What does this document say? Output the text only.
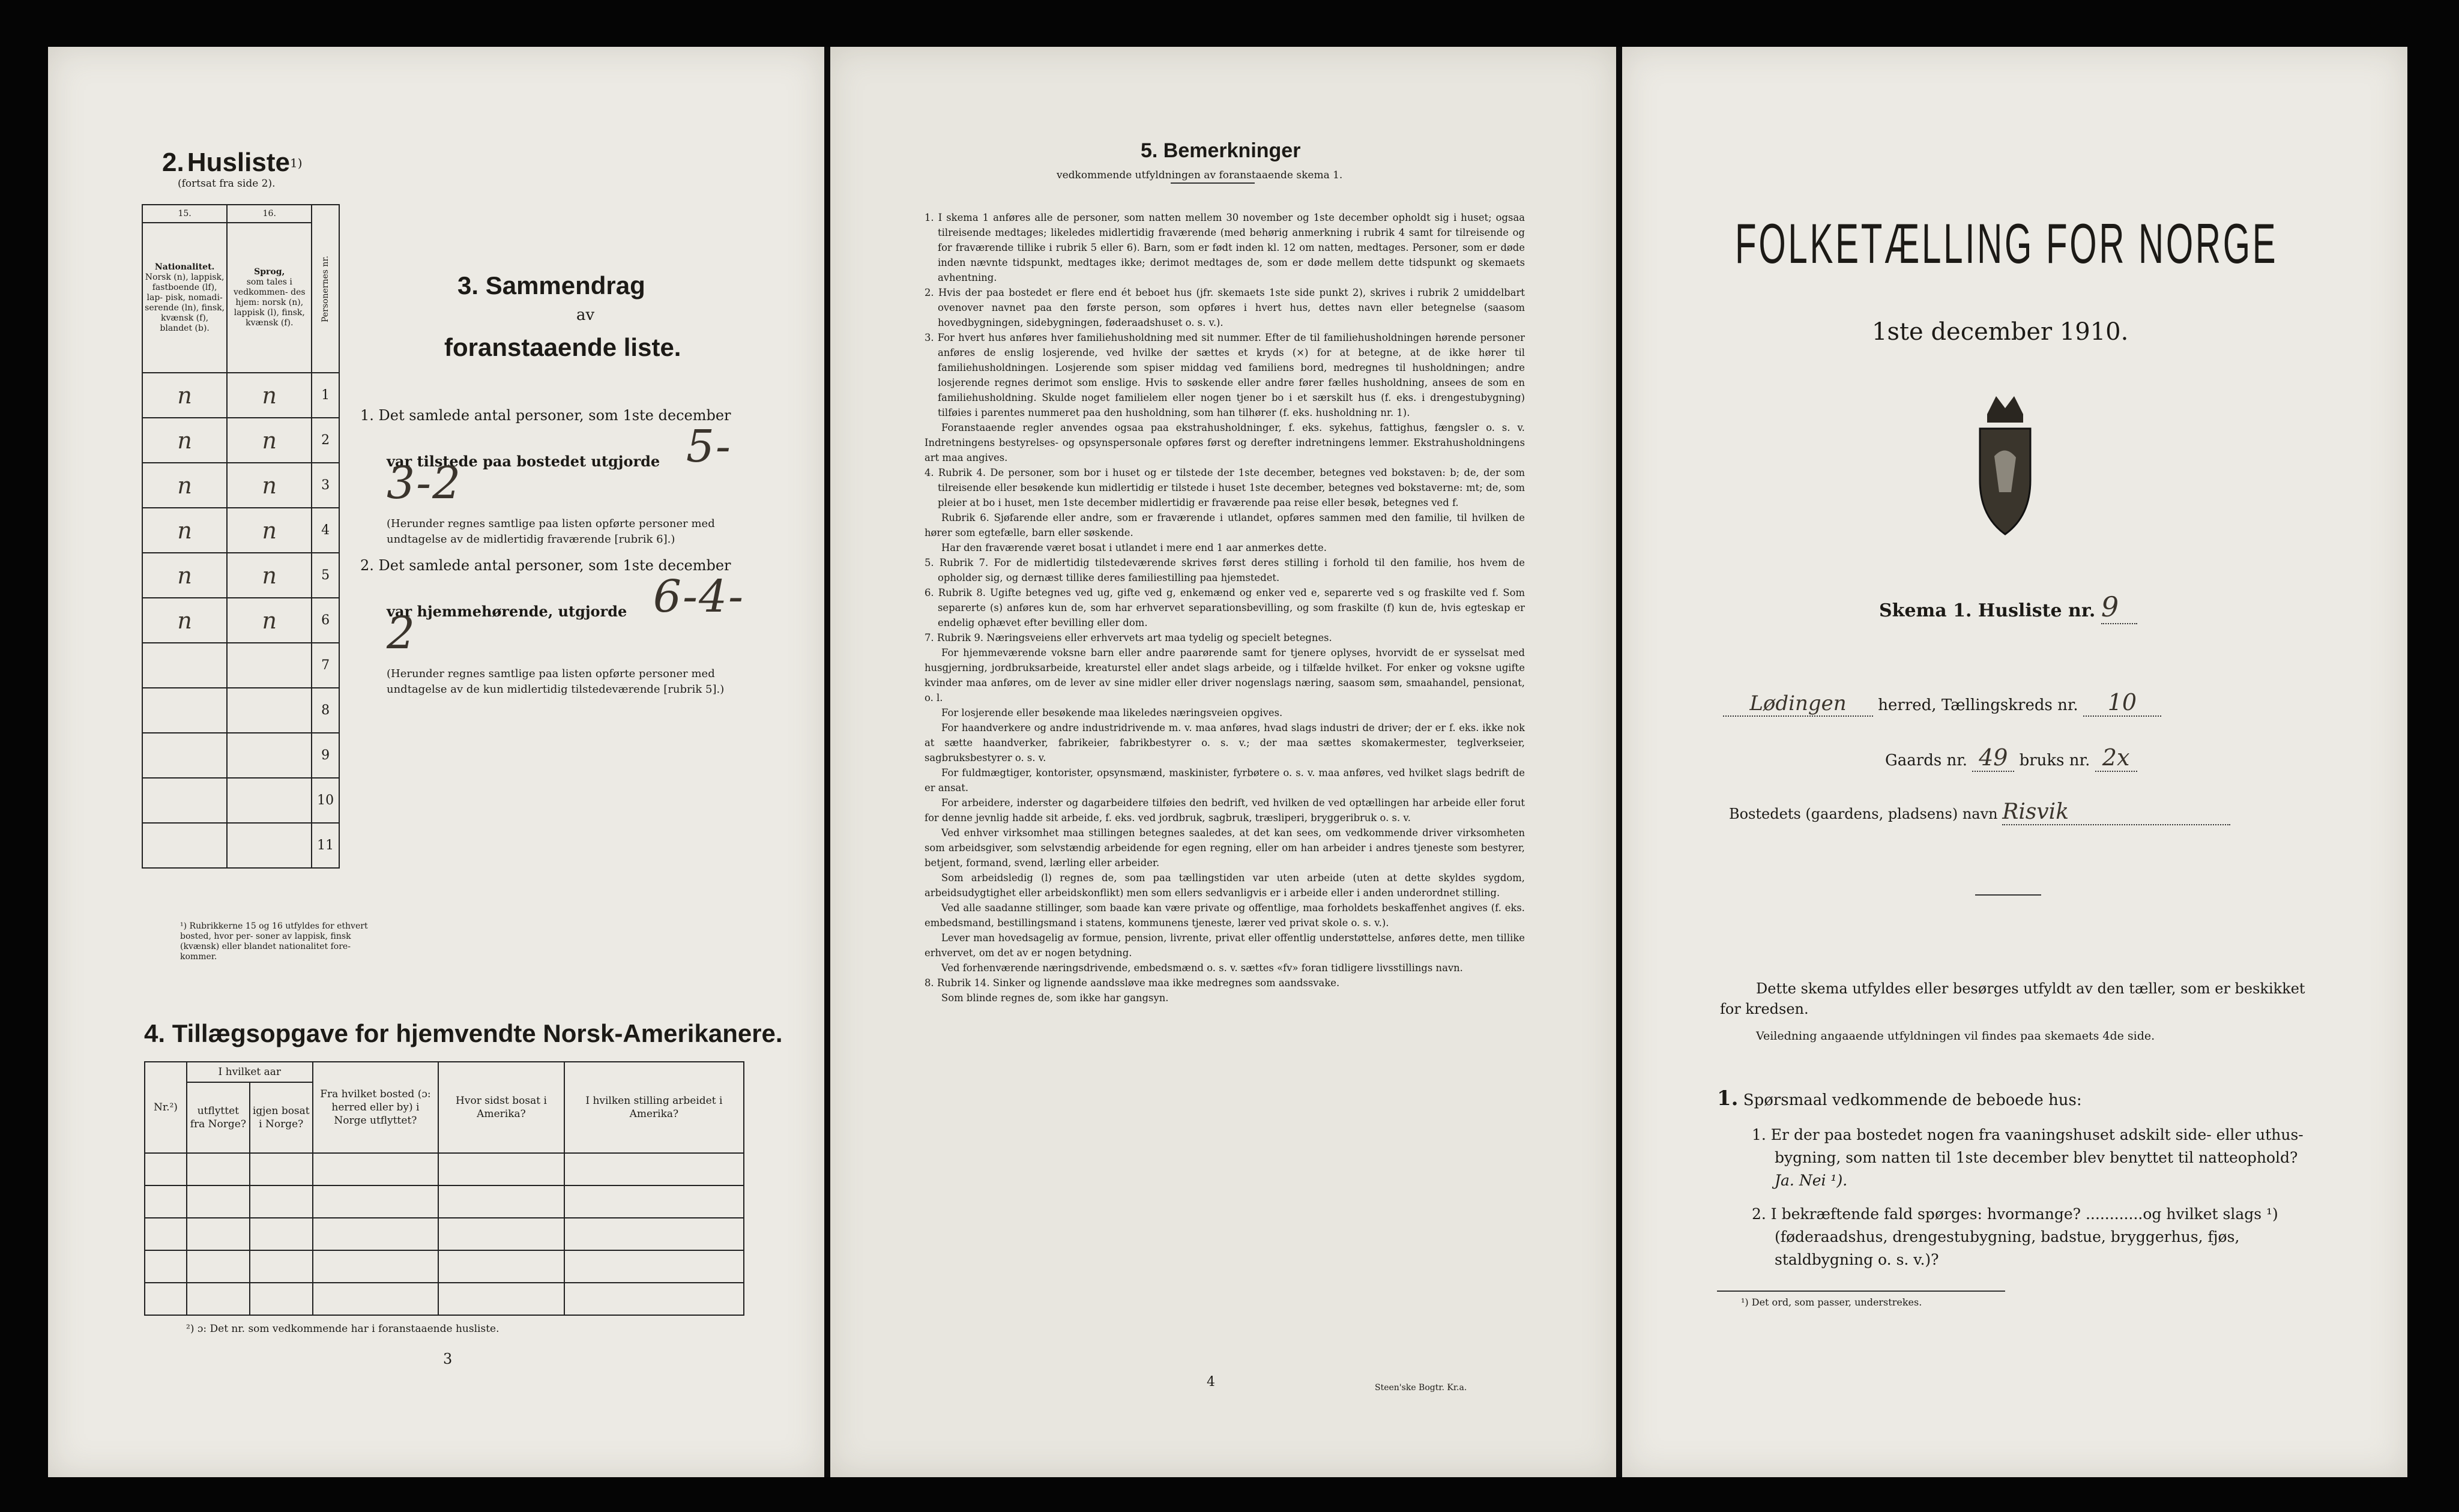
2. Husliste$^{1)}$
(fortsat fra side 2).
15.	16.	Personernes nr.

Nationalitet.
Norsk (n), lappisk, fastboende (lf), lap- pisk, nomadi- serende (ln), finsk, kvænsk (f), blandet (b).	Sprog,
som tales i vedkommen- des hjem: norsk (n), lappisk (l), finsk, kvænsk (f).	
n	n	1
n	n	2
n	n	3
n	n	4
n	n	5
n	n	6
		7
		8
		9
		10
		11
¹) Rubrikkerne 15 og 16 utfyldes for ethvert bosted, hvor per- soner av lappisk, finsk (kvænsk) eller blandet nationalitet fore- kommer.
3. Sammendrag
av
foranstaaende liste.
1. Det samlede antal personer, som 1ste december
var tilstede paa bostedet utgjorde 5-3-2
(Herunder regnes samtlige paa listen opførte personer med undtagelse av de midlertidig fraværende [rubrik 6].)
2. Det samlede antal personer, som 1ste december
var hjemmehørende, utgjorde 6-4-2
(Herunder regnes samtlige paa listen opførte personer med undtagelse av de kun midlertidig tilstedeværende [rubrik 5].)
4. Tillægsopgave for hjemvendte Norsk-Amerikanere.
Nr.²)	I hvilket aar		Fra hvilket bosted (ɔ: herred eller by) i Norge utflyttet?	Hvor sidst bosat i Amerika?	I hvilken stilling arbeidet i Amerika?
	utflyttet fra Norge?	igjen bosat i Norge?			

²) ɔ: Det nr. som vedkommende har i foranstaaende husliste.
3
5. Bemerkninger
vedkommende utfyldningen av foranstaaende skema 1.

1. I skema 1 anføres alle de personer, som natten mellem 30 november og 1ste december opholdt sig i huset; ogsaa tilreisende medtages; likeledes midlertidig fraværende (med behørig anmerkning i rubrik 4 samt for tilreisende og for fraværende tillike i rubrik 5 eller 6). Barn, som er født inden kl. 12 om natten, medtages. Personer, som er døde inden nævnte tidspunkt, medtages ikke; derimot medtages de, som er døde mellem dette tidspunkt og skemaets avhentning.

2. Hvis der paa bostedet er flere end ét beboet hus (jfr. skemaets 1ste side punkt 2), skrives i rubrik 2 umiddelbart ovenover navnet paa den første person, som opføres i hvert hus, dettes navn eller betegnelse (saasom hovedbygningen, sidebygningen, føderaadshuset o. s. v.).

3. For hvert hus anføres hver familiehusholdning med sit nummer. Efter de til familiehusholdningen hørende personer anføres de enslig losjerende, ved hvilke der sættes et kryds (×) for at betegne, at de ikke hører til familiehusholdningen. Losjerende som spiser middag ved familiens bord, medregnes til husholdningen; andre losjerende regnes derimot som enslige. Hvis to søskende eller andre fører fælles husholdning, ansees de som en familiehusholdning. Skulde noget familielem eller nogen tjener bo i et særskilt hus (f. eks. i drengestubygning) tilføies i parentes nummeret paa den husholdning, som han tilhører (f. eks. husholdning nr. 1).

Foranstaaende regler anvendes ogsaa paa ekstrahusholdninger, f. eks. sykehus, fattighus, fængsler o. s. v. Indretningens bestyrelses- og opsynspersonale opføres først og derefter indretningens lemmer. Ekstrahusholdningens art maa angives.

4. Rubrik 4. De personer, som bor i huset og er tilstede der 1ste december, betegnes ved bokstaven: b; de, der som tilreisende eller besøkende kun midlertidig er tilstede i huset 1ste december, betegnes ved bokstaverne: mt; de, som pleier at bo i huset, men 1ste december midlertidig er fraværende paa reise eller besøk, betegnes ved f.

Rubrik 6. Sjøfarende eller andre, som er fraværende i utlandet, opføres sammen med den familie, til hvilken de hører som egtefælle, barn eller søskende.

Har den fraværende været bosat i utlandet i mere end 1 aar anmerkes dette.

5. Rubrik 7. For de midlertidig tilstedeværende skrives først deres stilling i forhold til den familie, hos hvem de opholder sig, og dernæst tillike deres familiestilling paa hjemstedet.

6. Rubrik 8. Ugifte betegnes ved ug, gifte ved g, enkemænd og enker ved e, separerte ved s og fraskilte ved f. Som separerte (s) anføres kun de, som har erhvervet separationsbevilling, og som fraskilte (f) kun de, hvis egteskap er endelig ophævet efter bevilling eller dom.

7. Rubrik 9. Næringsveiens eller erhvervets art maa tydelig og specielt betegnes.

For hjemmeværende voksne barn eller andre paarørende samt for tjenere oplyses, hvorvidt de er sysselsat med husgjerning, jordbruksarbeide, kreaturstel eller andet slags arbeide, og i tilfælde hvilket. For enker og voksne ugifte kvinder maa anføres, om de lever av sine midler eller driver nogenslags næring, saasom søm, smaahandel, pensionat, o. l.

For losjerende eller besøkende maa likeledes næringsveien opgives.

For haandverkere og andre industridrivende m. v. maa anføres, hvad slags industri de driver; der er f. eks. ikke nok at sætte haandverker, fabrikeier, fabrikbestyrer o. s. v.; der maa sættes skomakermester, teglverkseier, sagbruksbestyrer o. s. v.

For fuldmægtiger, kontorister, opsynsmænd, maskinister, fyrbøtere o. s. v. maa anføres, ved hvilket slags bedrift de er ansat.

For arbeidere, inderster og dagarbeidere tilføies den bedrift, ved hvilken de ved optællingen har arbeide eller forut for denne jevnlig hadde sit arbeide, f. eks. ved jordbruk, sagbruk, træsliperi, bryggeribruk o. s. v.

Ved enhver virksomhet maa stillingen betegnes saaledes, at det kan sees, om vedkommende driver virksomheten som arbeidsgiver, som selvstændig arbeidende for egen regning, eller om han arbeider i andres tjeneste som bestyrer, betjent, formand, svend, lærling eller arbeider.

Som arbeidsledig (l) regnes de, som paa tællingstiden var uten arbeide (uten at dette skyldes sygdom, arbeidsudygtighet eller arbeidskonflikt) men som ellers sedvanligvis er i arbeide eller i anden underordnet stilling.

Ved alle saadanne stillinger, som baade kan være private og offentlige, maa forholdets beskaffenhet angives (f. eks. embedsmand, bestillingsmand i statens, kommunens tjeneste, lærer ved privat skole o. s. v.).

Lever man hovedsagelig av formue, pension, livrente, privat eller offentlig understøttelse, anføres dette, men tillike erhvervet, om det av er nogen betydning.

Ved forhenværende næringsdrivende, embedsmænd o. s. v. sættes «fv» foran tidligere livsstillings navn.

8. Rubrik 14. Sinker og lignende aandssløve maa ikke medregnes som aandssvake.

Som blinde regnes de, som ikke har gangsyn.

4	Steen'ske Bogtr. Kr.a.
FOLKETÆLLING FOR NORGE
1ste december 1910.
Skema 1. Husliste nr. 9
Lødingen herred, Tællingskreds nr. 10
Gaards nr. 49 bruks nr. 2x
Bostedets (gaardens, pladsens) navn Risvik
Dette skema utfyldes eller besørges utfyldt av den tæller, som er beskikket for kredsen.
Veiledning angaaende utfyldningen vil findes paa skemaets 4de side.
1. Spørsmaal vedkommende de beboede hus:
1. Er der paa bostedet nogen fra vaaningshuset adskilt side- eller uthus-bygning, som natten til 1ste december blev benyttet til natteophold? Ja. Nei ¹).
2. I bekræftende fald spørges: hvormange? ............og hvilket slags ¹) (føderaadshus, drengestubygning, badstue, bryggerhus, fjøs, staldbygning o. s. v.)?
¹) Det ord, som passer, understrekes.
